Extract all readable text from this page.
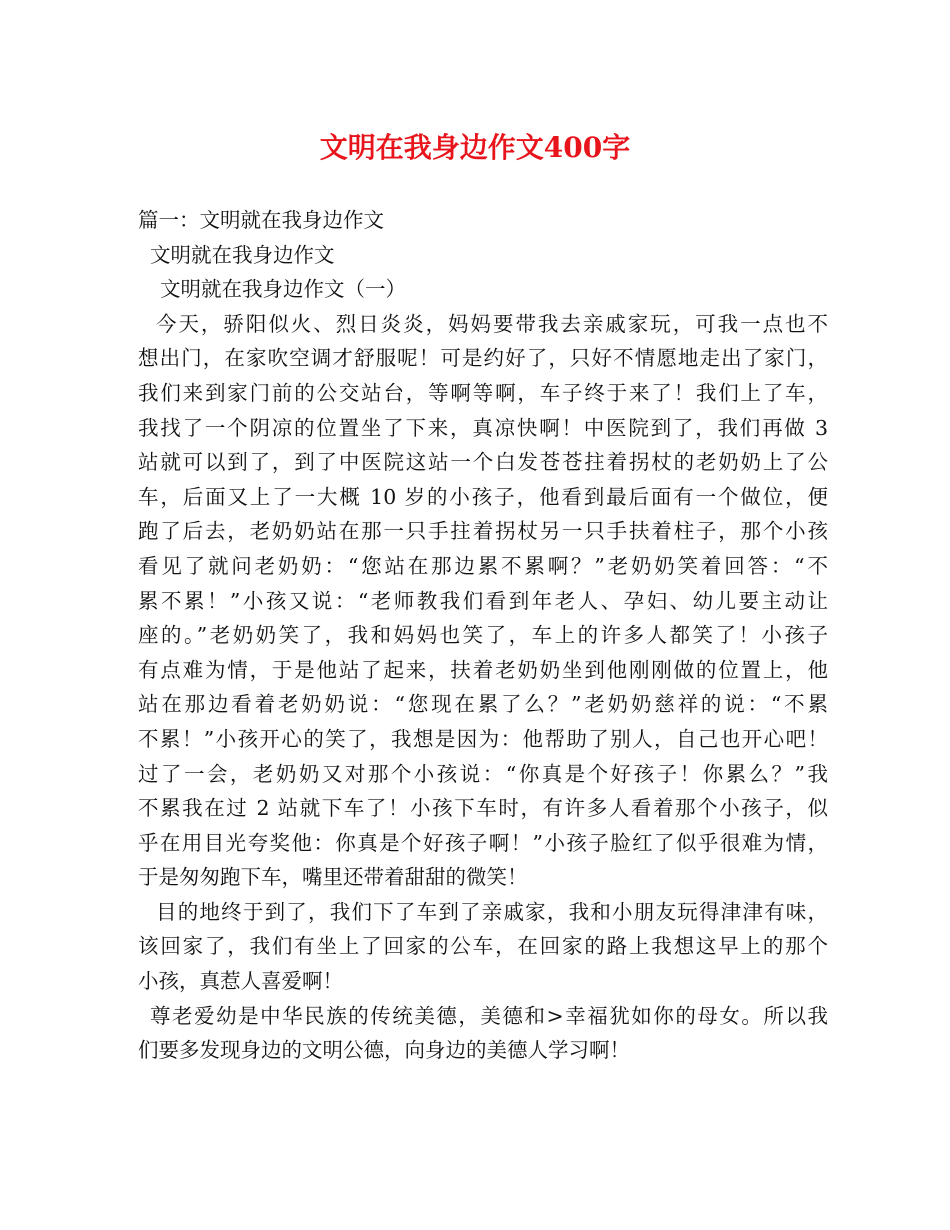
文明在我身边作文400字
篇一：文明就在我身边作文
文明就在我身边作文
文明就在我身边作文（一）
今天，骄阳似火、烈日炎炎，妈妈要带我去亲戚家玩，可我一点也不
想出门，在家吹空调才舒服呢！可是约好了，只好不情愿地走出了家门，
我们来到家门前的公交站台，等啊等啊，车子终于来了！我们上了车，
我找了一个阴凉的位置坐了下来，真凉快啊！中医院到了，我们再做 3
站就可以到了，到了中医院这站一个白发苍苍拄着拐杖的老奶奶上了公
车，后面又上了一大概 10 岁的小孩子，他看到最后面有一个做位，便
跑了后去，老奶奶站在那一只手拄着拐杖另一只手扶着柱子，那个小孩
看见了就问老奶奶：“您站在那边累不累啊？”老奶奶笑着回答：“不
累不累！”小孩又说：“老师教我们看到年老人、孕妇、幼儿要主动让
座的。”老奶奶笑了，我和妈妈也笑了，车上的许多人都笑了！小孩子
有点难为情，于是他站了起来，扶着老奶奶坐到他刚刚做的位置上，他
站在那边看着老奶奶说：“您现在累了么？”老奶奶慈祥的说：“不累
不累！”小孩开心的笑了，我想是因为：他帮助了别人，自己也开心吧！
过了一会，老奶奶又对那个小孩说：“你真是个好孩子！你累么？”我
不累我在过 2 站就下车了！小孩下车时，有许多人看着那个小孩子，似
乎在用目光夸奖他：你真是个好孩子啊！”小孩子脸红了似乎很难为情，
于是匆匆跑下车，嘴里还带着甜甜的微笑！
目的地终于到了，我们下了车到了亲戚家，我和小朋友玩得津津有味，
该回家了，我们有坐上了回家的公车，在回家的路上我想这早上的那个
小孩，真惹人喜爱啊！
尊老爱幼是中华民族的传统美德，美德和>幸福犹如你的母女。所以我
们要多发现身边的文明公德，向身边的美德人学习啊！
